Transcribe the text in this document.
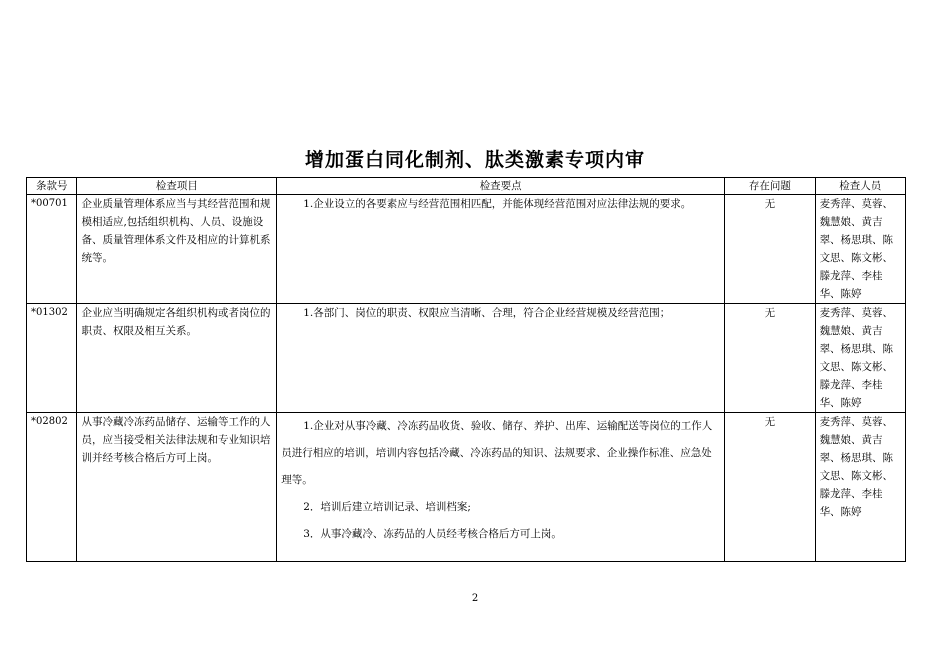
增加蛋白同化制剂、肽类激素专项内审
条款号	检查项目	检查要点	存在问题	检查人员
*00701	企业质量管理体系应当与其经营范围和规模相适应,包括组织机构、人员、设施设备、质量管理体系文件及相应的计算机系统等。	1.企业设立的各要素应与经营范围相匹配，并能体现经营范围对应法律法规的要求。	无	麦秀萍、莫蓉、魏慧娘、黄吉翠、杨思琪、陈文思、陈文彬、滕龙萍、李桂华、陈婷
*01302	企业应当明确规定各组织机构或者岗位的职责、权限及相互关系。	1.各部门、岗位的职责、权限应当清晰、合理，符合企业经营规模及经营范围；	无	麦秀萍、莫蓉、魏慧娘、黄吉翠、杨思琪、陈文思、陈文彬、滕龙萍、李桂华、陈婷
*02802	从事冷藏冷冻药品储存、运输等工作的人员，应当接受相关法律法规和专业知识培训并经考核合格后方可上岗。	1.企业对从事冷藏、冷冻药品收货、验收、储存、养护、出库、运输配送等岗位的工作人员进行相应的培训，培训内容包括冷藏、冷冻药品的知识、法规要求、企业操作标准、应急处理等。

2．培训后建立培训记录、培训档案;

3．从事冷藏冷、冻药品的人员经考核合格后方可上岗。	无	麦秀萍、莫蓉、魏慧娘、黄吉翠、杨思琪、陈文思、陈文彬、滕龙萍、李桂华、陈婷
2
